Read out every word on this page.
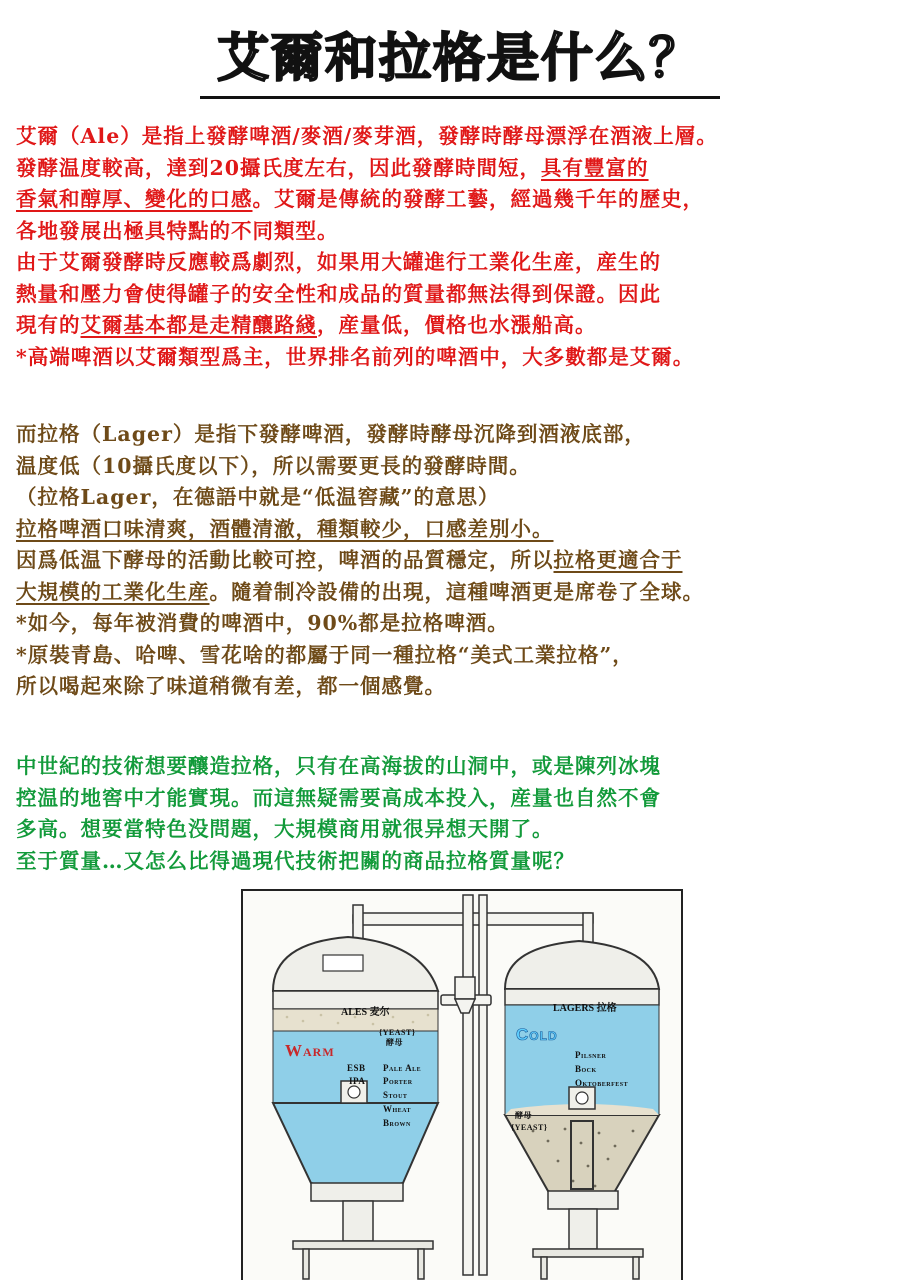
艾爾和拉格是什么？
艾爾（Ale）是指上發酵啤酒/麥酒/麥芽酒，發酵時酵母漂浮在酒液上層。
發酵温度較高，達到20攝氏度左右，因此發酵時間短，具有豐富的
香氣和醇厚、變化的口感。艾爾是傳統的發酵工藝，經過幾千年的歷史，
各地發展出極具特點的不同類型。
由于艾爾發酵時反應較爲劇烈，如果用大罐進行工業化生産，産生的
熱量和壓力會使得罐子的安全性和成品的質量都無法得到保證。因此
現有的艾爾基本都是走精釀路綫，産量低，價格也水漲船高。
*高端啤酒以艾爾類型爲主，世界排名前列的啤酒中，大多數都是艾爾。
而拉格（Lager）是指下發酵啤酒，發酵時酵母沉降到酒液底部，
温度低（10攝氏度以下），所以需要更長的發酵時間。
（拉格Lager，在德語中就是“低温窖藏”的意思）
拉格啤酒口味清爽，酒體清澈，種類較少，口感差別小。
因爲低温下酵母的活動比較可控，啤酒的品質穩定，所以拉格更適合于
大規模的工業化生産。隨着制冷設備的出現，這種啤酒更是席卷了全球。
*如今，每年被消費的啤酒中，90%都是拉格啤酒。
*原裝青島、哈啤、雪花啥的都屬于同一種拉格“美式工業拉格”，
所以喝起來除了味道稍微有差，都一個感覺。
中世紀的技術想要釀造拉格，只有在高海拔的山洞中，或是陳列冰塊
控温的地窖中才能實現。而這無疑需要高成本投入，産量也自然不會
多高。想要當特色没問題，大規模商用就很异想天開了。
至于質量…又怎么比得過現代技術把關的商品拉格質量呢？
ALES 麦尔
{YEAST}
酵母
Warm
ESB
IPA
Pale Ale
Porter
Stout
Wheat
Brown
LAGERS 拉格
Cold
Pilsner
Bock
Oktoberfest
酵母
{YEAST}
